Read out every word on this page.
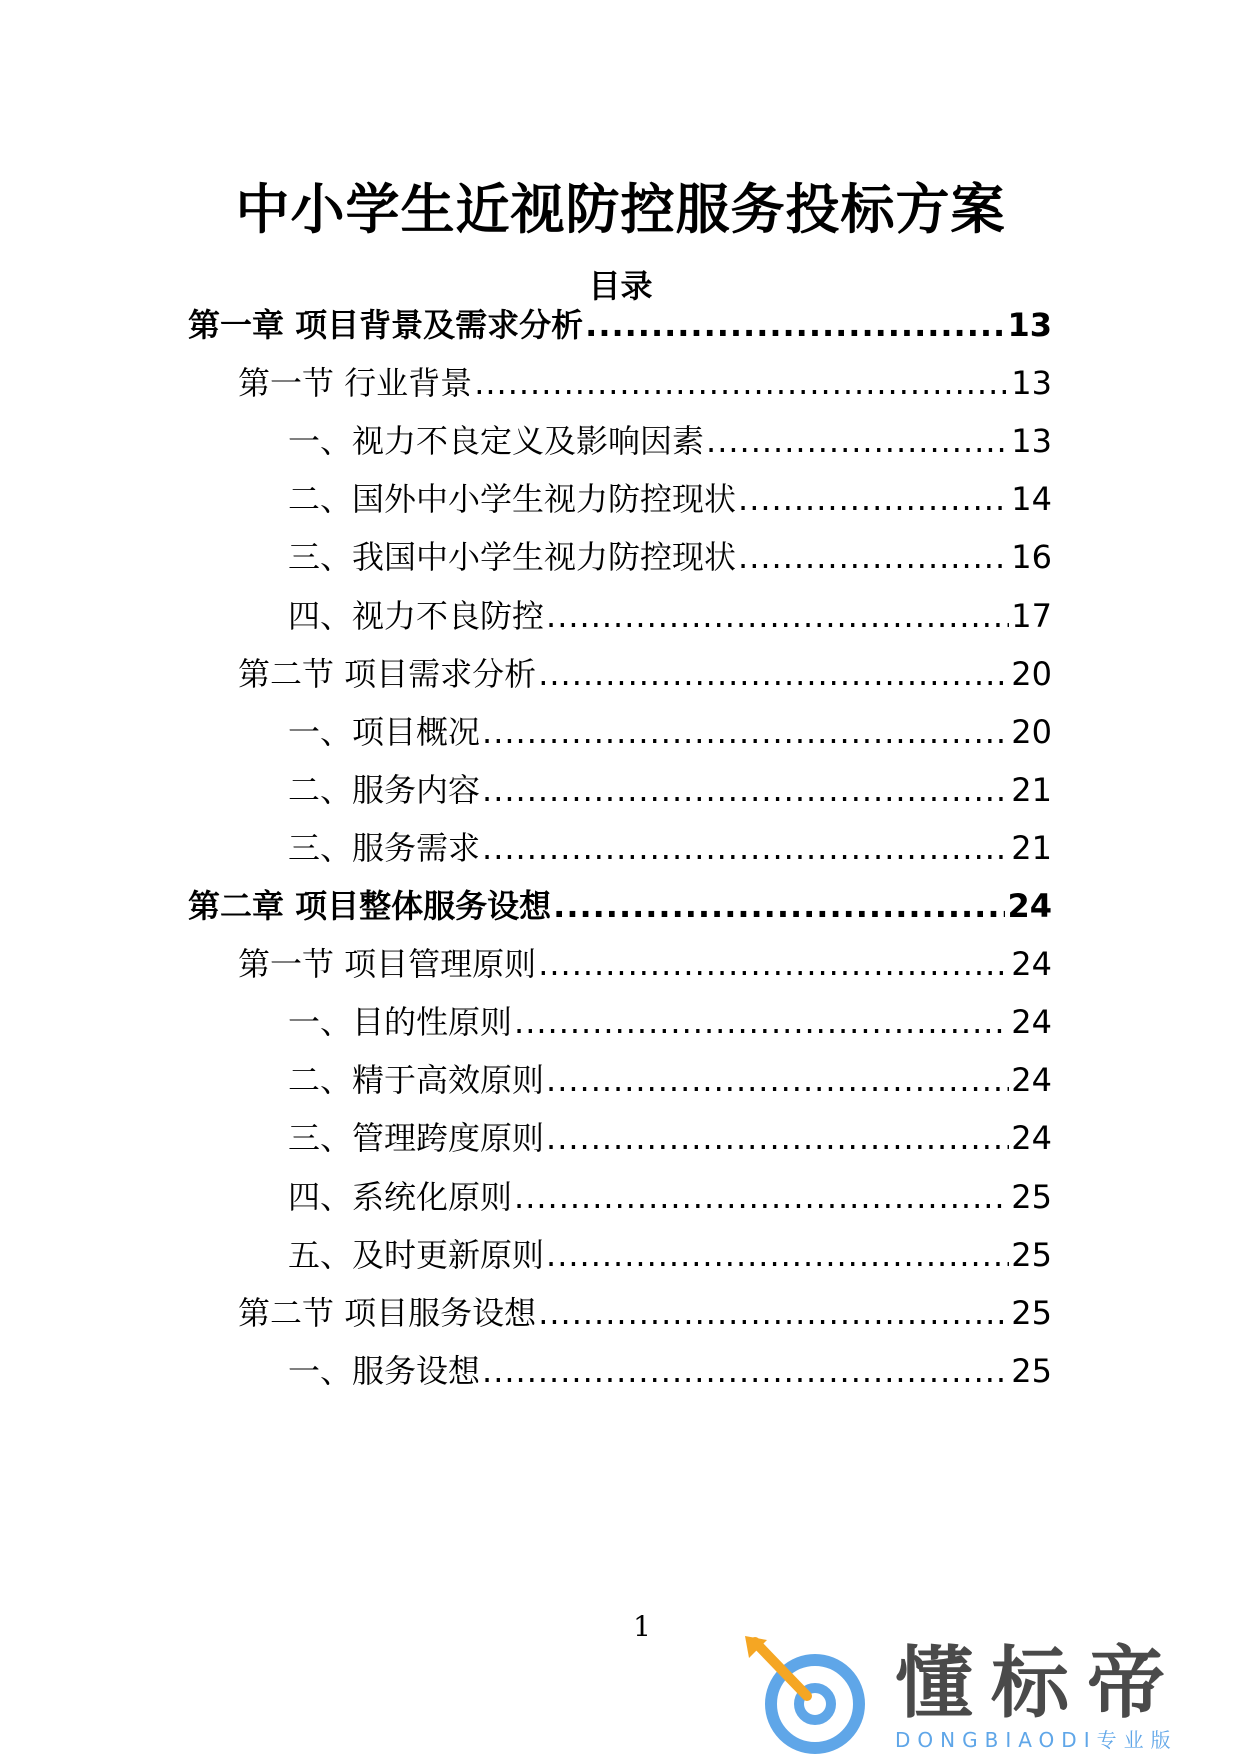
中小学生近视防控服务投标方案
目录
第一章 项目背景及需求分析 .....	13
第一节 行业背景 .....	13
一、视力不良定义及影响因素 .....	13
二、国外中小学生视力防控现状 .....	14
三、我国中小学生视力防控现状 .....	16
四、视力不良防控 .....	17
第二节 项目需求分析 .....	20
一、项目概况 .....	20
二、服务内容 .....	21
三、服务需求 .....	21
第二章 项目整体服务设想 .....	24
第一节 项目管理原则 .....	24
一、目的性原则 .....	24
二、精于高效原则 .....	24
三、管理跨度原则 .....	24
四、系统化原则 .....	25
五、及时更新原则 .....	25
第二节 项目服务设想 .....	25
一、服务设想 .....	25
1
懂标帝
DONGBIAODI专业版
